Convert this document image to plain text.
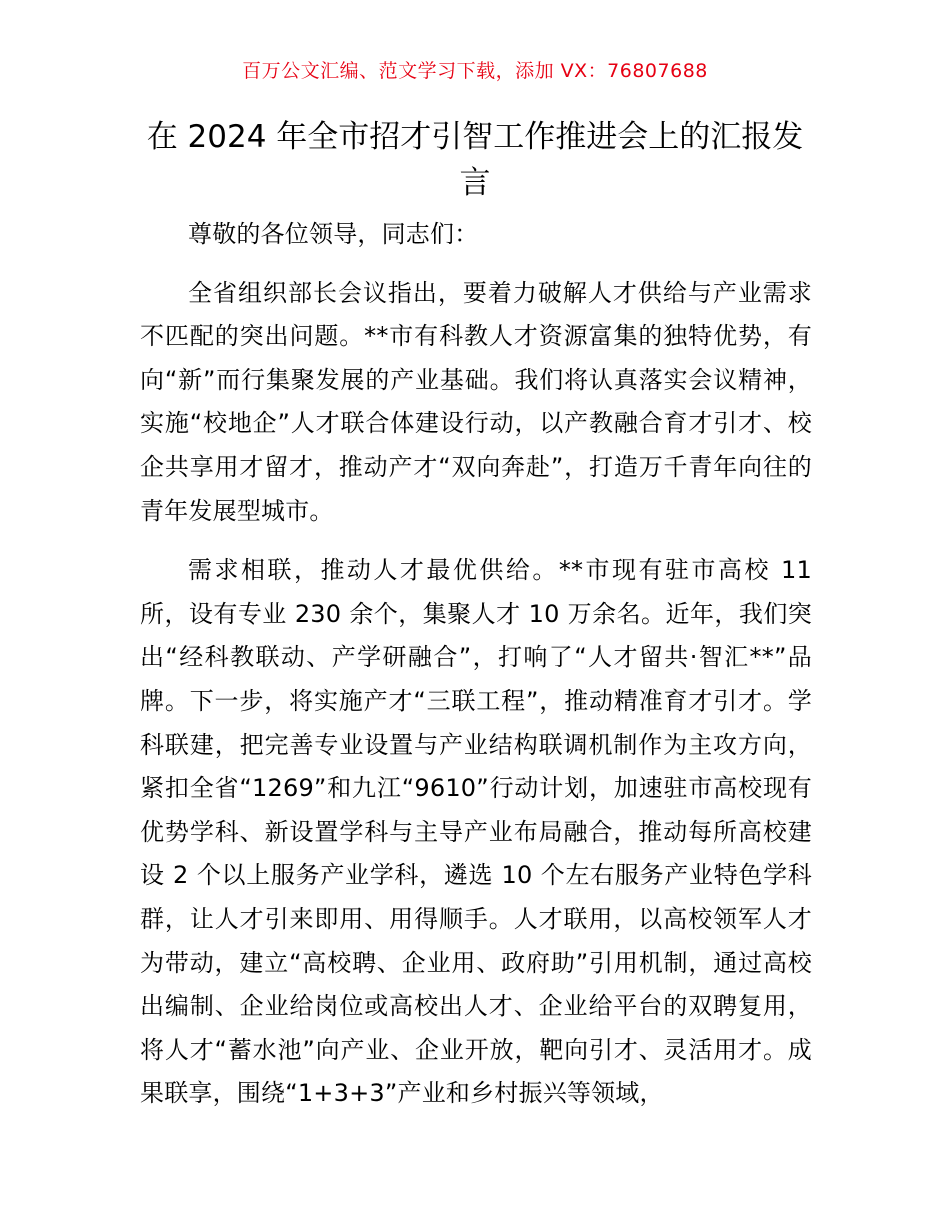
百万公文汇编、范文学习下载，添加 VX：76807688
在 2024 年全市招才引智工作推进会上的汇报发言

尊敬的各位领导，同志们：

全省组织部长会议指出，要着力破解人才供给与产业需求不匹配的突出问题。**市有科教人才资源富集的独特优势，有向“新”而行集聚发展的产业基础。我们将认真落实会议精神，实施“校地企”人才联合体建设行动，以产教融合育才引才、校企共享用才留才，推动产才“双向奔赴”，打造万千青年向往的青年发展型城市。

需求相联，推动人才最优供给。**市现有驻市高校 11 所，设有专业 230 余个，集聚人才 10 万余名。近年，我们突出“经科教联动、产学研融合”，打响了“人才留共·智汇**”品牌。下一步，将实施产才“三联工程”，推动精准育才引才。学科联建，把完善专业设置与产业结构联调机制作为主攻方向，紧扣全省“1269”和九江“9610”行动计划，加速驻市高校现有优势学科、新设置学科与主导产业布局融合，推动每所高校建设 2 个以上服务产业学科，遴选 10 个左右服务产业特色学科群，让人才引来即用、用得顺手。人才联用，以高校领军人才为带动，建立“高校聘、企业用、政府助”引用机制，通过高校出编制、企业给岗位或高校出人才、企业给平台的双聘复用，将人才“蓄水池”向产业、企业开放，靶向引才、灵活用才。成果联享，围绕“1+3+3”产业和乡村振兴等领域，
